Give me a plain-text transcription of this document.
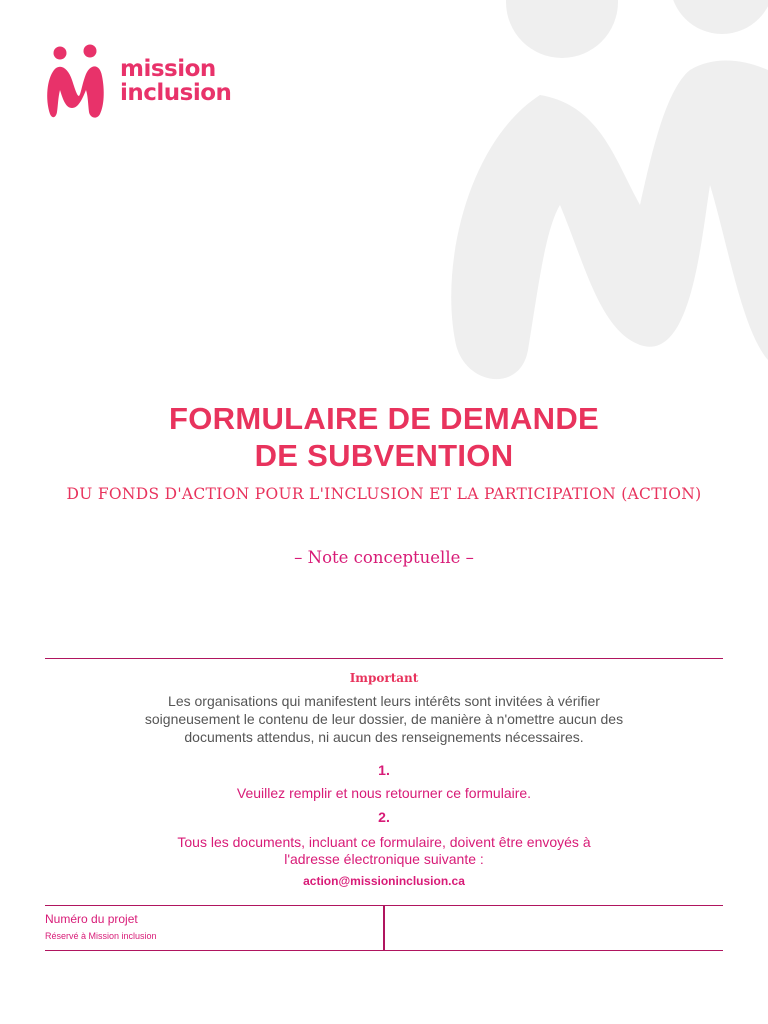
mission
inclusion
FORMULAIRE DE DEMANDE
DE SUBVENTION
DU FONDS D'ACTION POUR L'INCLUSION ET LA PARTICIPATION (ACTION)
– Note conceptuelle –
Important
Les organisations qui manifestent leurs intérêts sont invitées à vérifier soigneusement le contenu de leur dossier, de manière à n'omettre aucun des documents attendus, ni aucun des renseignements nécessaires.
1.
Veuillez remplir et nous retourner ce formulaire.
2.
Tous les documents, incluant ce formulaire, doivent être envoyés à l'adresse électronique suivante :
action@missioninclusion.ca
Numéro du projet
Réservé à Mission inclusion
